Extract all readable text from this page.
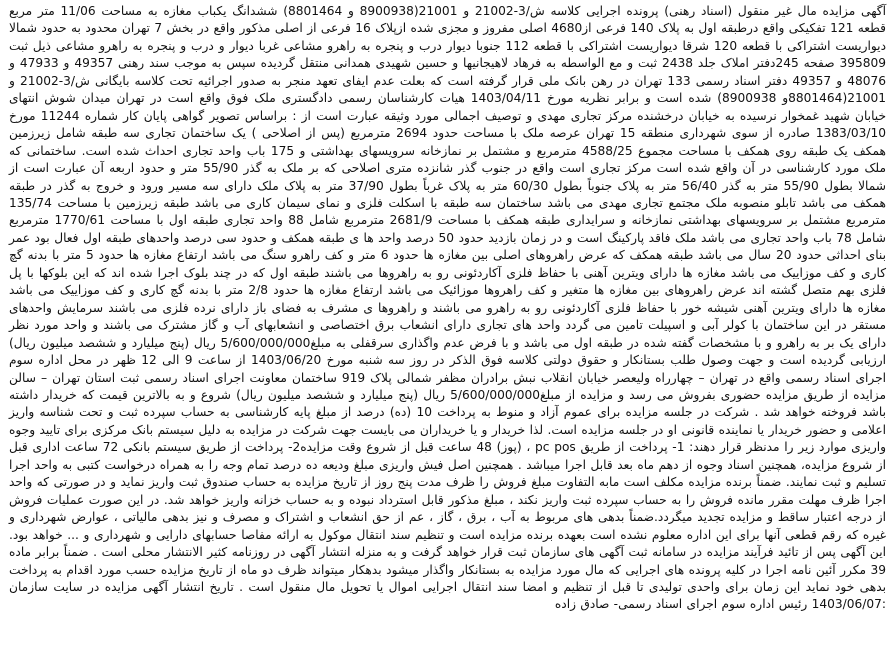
آگهی مزایده مال غیر منقول (اسناد رهنی) پرونده اجرایی کلاسه ش/3-21002 و 21001(8900938 و 8801464) ششدانگ یکباب مغازه به مساحت 11/06 متر مربع قطعه 121 تفکیکی واقع درطبقه اول به پلاک 140 فرعی از4680 اصلی مفروز و مجزی شده ازپلاک 16 فرعی از اصلی مذکور واقع در بخش 7 تهران محدود به حدود شمالا دیواریست اشتراکی با قطعه 120 شرقا دیواریست اشتراکی با قطعه 112 جنوبا دیوار درب و پنجره به راهرو مشاعی غربا دیوار و درب و پنجره به راهرو مشاعی ذیل ثبت 395809 صفحه 245دفتر املاک جلد 2438 ثبت و مع الواسطه به فرهاد لاهیجانیها و حسین شهیدی همدانی منتقل گردیده سپس به موجب سند رهنی 49357 و 47933 و 48076 و 49357 دفتر اسناد رسمی 133 تهران در رهن بانک ملی قرار گرفته است که بعلت عدم ایفای تعهد منجر به صدور اجرائیه تحت کلاسه بایگانی ش/3-21002 و 21001(8801464و 8900938) شده است و برابر نظریه مورخ 1403/04/11 هیات کارشناسان رسمی دادگستری ملک فوق واقع است در تهران میدان شوش انتهای خیابان شهید غمخوار نرسیده به خیابان درخشنده مرکز تجاری مهدی و توصیف اجمالی مورد وثیقه عبارت است از : براساس تصویر گواهی پایان کار شماره 11244 مورخ 1383/03/10 صادره از سوی شهرداری منطقه 15 تهران عرصه ملک با مساحت حدود 2694 مترمربع (پس از اصلاحی ) یک ساختمان تجاری سه طبقه شامل زیرزمین همکف یک طبقه روی همکف با مساحت مجموع 4588/25 مترمربع و مشتمل بر نمازخانه سرویسهای بهداشتی و 175 باب واحد تجاری احداث شده است. ساختمانی که ملک مورد کارشناسی در آن واقع شده است مرکز تجاری است واقع در جنوب گذر شانزده متری اصلاحی که بر ملک به گذر 55/90 متر و حدود اربعه آن عبارت است از شمالا بطول 55/90 متر به گذر 56/40 متر به پلاک جنوباً بطول 60/30 متر به پلاک غرباً بطول 37/90 متر به پلاک ملک دارای سه مسیر ورود و خروج به گذر در طبقه همکف می باشد تابلو منصوبه ملک مجتمع تجاری مهدی می باشد ساختمان سه طبقه با اسکلت فلزی و نمای سیمان کاری می باشد طبقه زیرزمین با مساحت 135/74 مترمربع مشتمل بر سرویسهای بهداشتی نمازخانه و سرایداری طبقه همکف با مساحت 2681/9 مترمربع شامل 88 واحد تجاری طبقه اول با مساحت 1770/61 مترمربع شامل 78 باب واحد تجاری می باشد ملک فاقد پارکینگ است و در زمان بازدید حدود 50 درصد واحد ها ی طبقه همکف و حدود سی درصد واحدهای طبقه اول فعال بود عمر بنای احداثی حدود 20 سال می باشد طبقه همکف که عرض راهروهای اصلی بین مغازه ها حدود 6 متر و کف راهرو سنگ می باشد ارتفاع مغازه ها حدود 5 متر با بدنه گچ کاری و کف موزاییک می باشد مغازه ها دارای ویترین آهنی با حفاظ فلزی آکاردئونی رو به راهروها می باشند طبقه اول که در چند بلوک اجرا شده اند که این بلوکها با پل فلزی بهم متصل گشته اند عرض راهروهای بین مغازه ها متغیر و کف راهروها موزائیک می باشد ارتفاع مغازه ها حدود 2/8 متر با بدنه گچ کاری و کف موزاییک می باشد مغازه ها دارای ویترین آهنی شیشه خور با حفاظ فلزی آکاردئونی رو به راهرو می باشند و راهروها ی مشرف به فضای باز دارای نرده فلزی می باشند سرمایش واحدهای مستقر در این ساختمان با کولر آبی و اسپیلت تامین می گردد واحد های تجاری دارای انشعاب برق اختصاصی و انشعابهای آب و گاز مشترک می باشند و واحد مورد نظر دارای یک بر به راهرو و با مشخصات گفته شده در طبقه اول می باشد و با فرض عدم واگذاری سرقفلی به مبلغ5/600/000/000 ریال (پنج میلیارد و ششصد میلیون ریال) ارزیابی گردیده است و جهت وصول طلب بستانکار و حقوق دولتی کلاسه فوق الذکر در روز سه شنبه مورخ 1403/06/20 از ساعت 9 الی 12 ظهر در محل اداره سوم اجرای اسناد رسمی واقع در تهران – چهارراه ولیعصر خیابان انقلاب نبش برادران مظفر شمالی پلاک 919 ساختمان معاونت اجرای اسناد رسمی ثبت استان تهران – سالن مزایده از طریق مزایده حضوری بفروش می رسد و مزایده از مبلغ5/600/000/000 ریال (پنج میلیارد و ششصد میلیون ریال) شروع و به بالاترین قیمت که خریدار داشته باشد فروخته خواهد شد . شرکت در جلسه مزایده برای عموم آزاد و منوط به پرداخت 10 (ده) درصد از مبلغ پایه کارشناسی به حساب سپرده ثبت و تحت شناسه واریز اعلامی و حضور خریدار یا نماینده قانونی او در جلسه مزایده است. لذا خریدار و یا خریداران می بایست جهت شرکت در مزایده به دلیل سیستم بانک مرکزی برای تایید وجوه واریزی موارد زیر را مدنظر قرار دهند: 1- پرداخت از طریق pc pos ، (پوز) 48 ساعت قبل از شروع وقت مزایده2- پرداخت از طریق سیستم بانکی 72 ساعت اداری قبل از شروع مزایده، همچنین اسناد وجوه از دهم ماه بعد قابل اجرا میباشد . همچنین اصل فیش واریزی مبلغ ودیعه ده درصد تمام وجه را به همراه درخواست کتبی به واحد اجرا تسلیم و ثبت نمایند. ضمناً برنده مزایده مکلف است مابه التفاوت مبلغ فروش را ظرف مدت پنج روز از تاریخ مزایده به حساب صندوق ثبت واریز نماید و در صورتی که واحد اجرا ظرف مهلت مقرر مانده فروش را به حساب سپرده ثبت واریز نکند ، مبلغ مذکور قابل استرداد نبوده و به حساب خزانه واریز خواهد شد. در این صورت عملیات فروش از درجه اعتبار ساقط و مزایده تجدید میگردد.ضمناً بدهی های مربوط به آب ، برق ، گاز ، عم از حق انشعاب و اشتراک و مصرف و نیز بدهی مالیاتی ، عوارض شهرداری و غیره که رقم قطعی آنها برای این اداره معلوم نشده است بعهده برنده مزایده است و تنظیم سند انتقال موکول به ارائه مفاصا حسابهای دارایی و شهرداری و ... خواهد بود. این آگهی پس از تائید فرآیند مزایده در سامانه ثبت آگهی های سازمان ثبت قرار خواهد گرفت و به منزله انتشار آگهی در روزنامه کثیر الانتشار محلی است . ضمناً برابر ماده 39 مکرر آئین نامه اجرا در کلیه پرونده های اجرایی که مال مورد مزایده به بستانکار واگذار میشود بدهکار میتواند ظرف دو ماه از تاریخ مزایده حسب مورد اقدام به پرداخت بدهی خود نماید این زمان برای واحدی تولیدی تا قبل از تنظیم و امضا سند انتقال اجرایی اموال یا تحویل مال منقول است . تاریخ انتشار آگهی مزایده در سایت سازمان :1403/06/07 رئیس اداره سوم اجرای اسناد رسمی- صادق زاده
